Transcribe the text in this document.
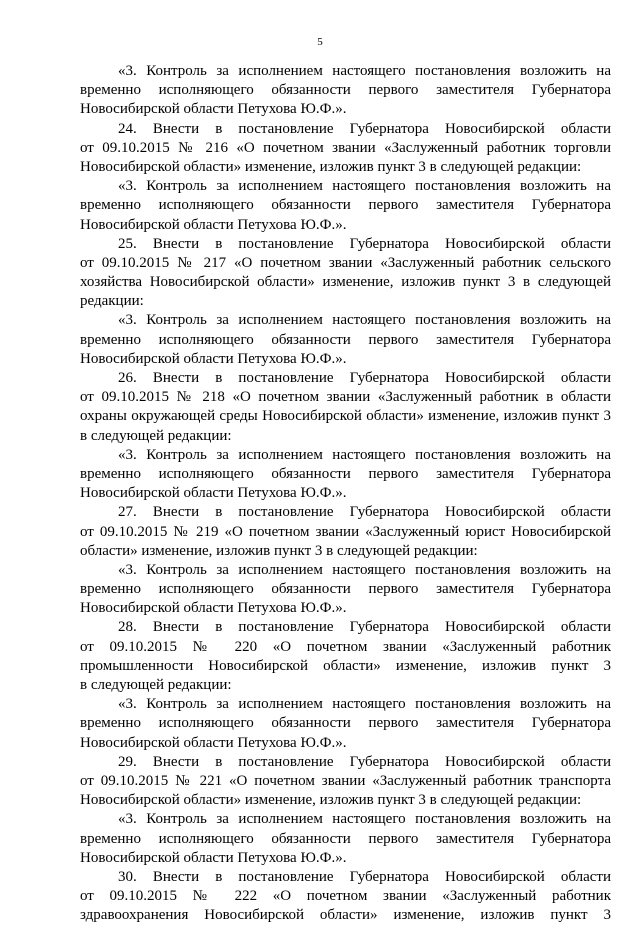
5
«3. Контроль за исполнением настоящего постановления возложить на
временно исполняющего обязанности первого заместителя Губернатора
Новосибирской области Петухова Ю.Ф.».
24. Внести в постановление Губернатора Новосибирской области
от 09.10.2015 № 216 «О почетном звании «Заслуженный работник торговли
Новосибирской области» изменение, изложив пункт 3 в следующей редакции:
«3. Контроль за исполнением настоящего постановления возложить на
временно исполняющего обязанности первого заместителя Губернатора
Новосибирской области Петухова Ю.Ф.».
25. Внести в постановление Губернатора Новосибирской области
от 09.10.2015 № 217 «О почетном звании «Заслуженный работник сельского
хозяйства Новосибирской области» изменение, изложив пункт 3 в следующей
редакции:
«3. Контроль за исполнением настоящего постановления возложить на
временно исполняющего обязанности первого заместителя Губернатора
Новосибирской области Петухова Ю.Ф.».
26. Внести в постановление Губернатора Новосибирской области
от 09.10.2015 № 218 «О почетном звании «Заслуженный работник в области
охраны окружающей среды Новосибирской области» изменение, изложив пункт 3
в следующей редакции:
«3. Контроль за исполнением настоящего постановления возложить на
временно исполняющего обязанности первого заместителя Губернатора
Новосибирской области Петухова Ю.Ф.».
27. Внести в постановление Губернатора Новосибирской области
от 09.10.2015 № 219 «О почетном звании «Заслуженный юрист Новосибирской
области» изменение, изложив пункт 3 в следующей редакции:
«3. Контроль за исполнением настоящего постановления возложить на
временно исполняющего обязанности первого заместителя Губернатора
Новосибирской области Петухова Ю.Ф.».
28. Внести в постановление Губернатора Новосибирской области
от 09.10.2015 № 220 «О почетном звании «Заслуженный работник
промышленности Новосибирской области» изменение, изложив пункт 3
в следующей редакции:
«3. Контроль за исполнением настоящего постановления возложить на
временно исполняющего обязанности первого заместителя Губернатора
Новосибирской области Петухова Ю.Ф.».
29. Внести в постановление Губернатора Новосибирской области
от 09.10.2015 № 221 «О почетном звании «Заслуженный работник транспорта
Новосибирской области» изменение, изложив пункт 3 в следующей редакции:
«3. Контроль за исполнением настоящего постановления возложить на
временно исполняющего обязанности первого заместителя Губернатора
Новосибирской области Петухова Ю.Ф.».
30. Внести в постановление Губернатора Новосибирской области
от 09.10.2015 № 222 «О почетном звании «Заслуженный работник
здравоохранения Новосибирской области» изменение, изложив пункт 3
